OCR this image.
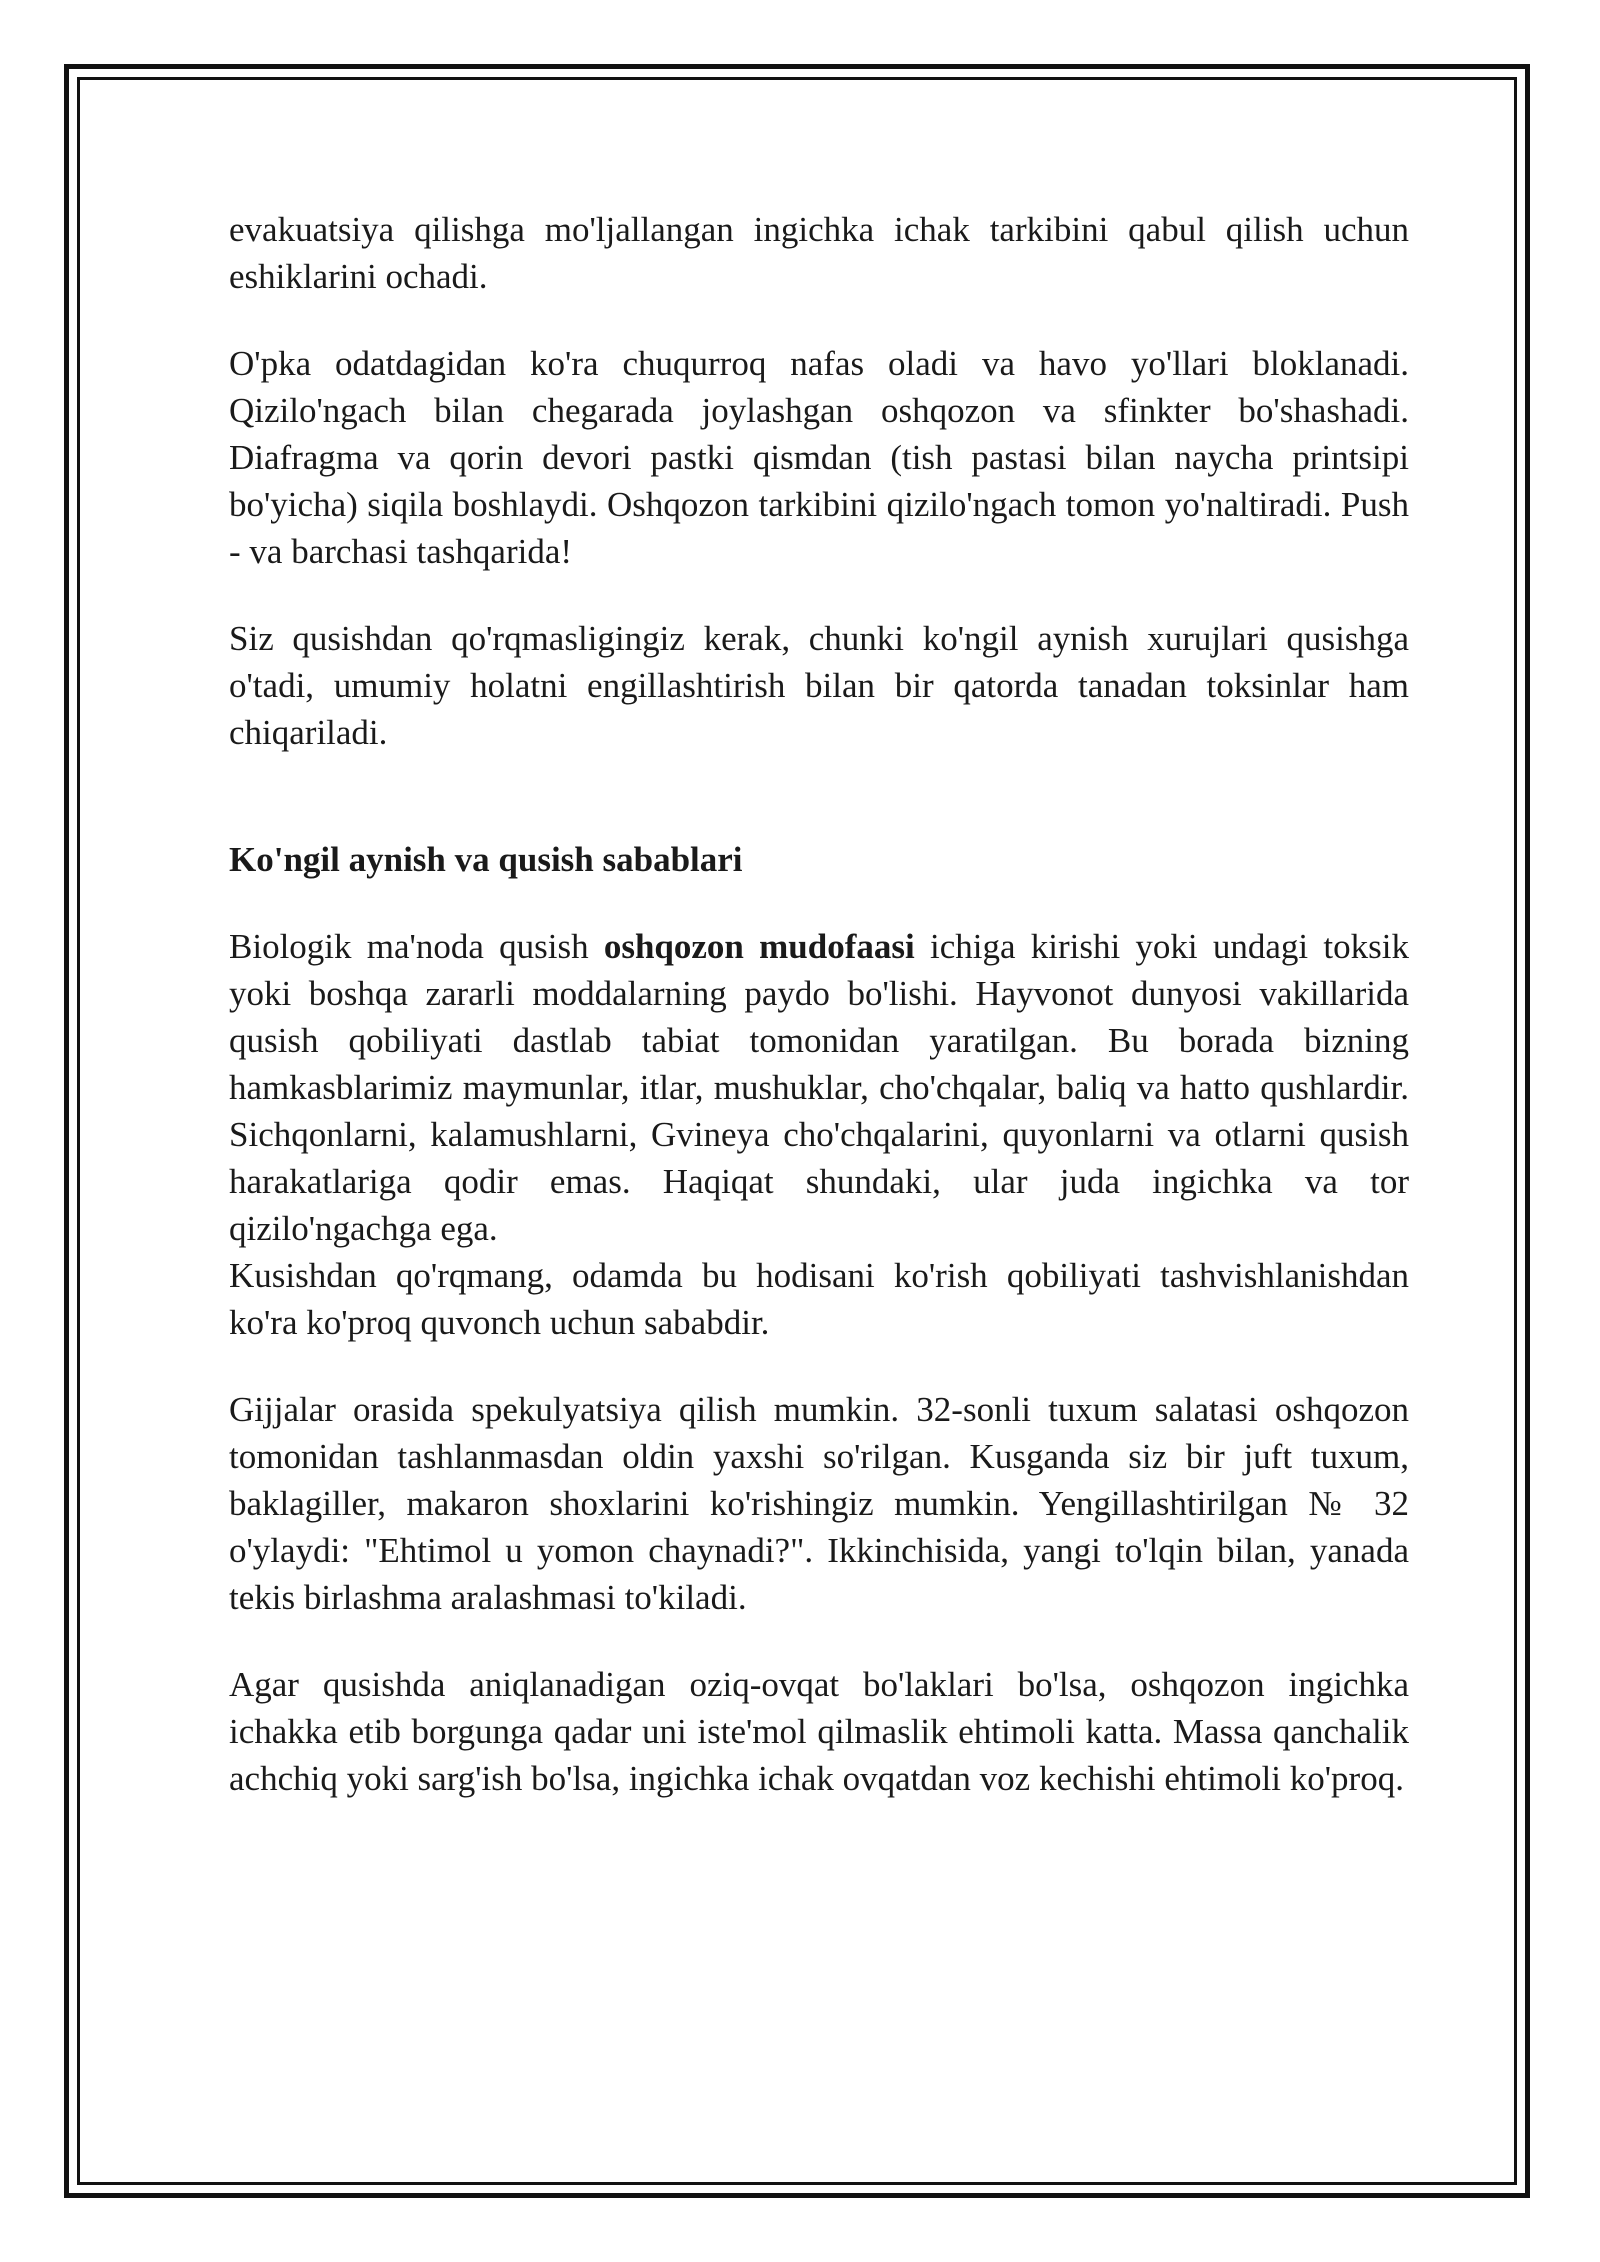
evakuatsiya qilishga mo'ljallangan ingichka ichak tarkibini qabul qilish uchun eshiklarini ochadi.

O'pka odatdagidan ko'ra chuqurroq nafas oladi va havo yo'llari bloklanadi. Qizilo'ngach bilan chegarada joylashgan oshqozon va sfinkter bo'shashadi. Diafragma va qorin devori pastki qismdan (tish pastasi bilan naycha printsipi bo'yicha) siqila boshlaydi. Oshqozon tarkibini qizilo'ngach tomon yo'naltiradi. Push - va barchasi tashqarida!

Siz qusishdan qo'rqmasligingiz kerak, chunki ko'ngil aynish xurujlari qusishga o'tadi, umumiy holatni engillashtirish bilan bir qatorda tanadan toksinlar ham chiqariladi.

Ko'ngil aynish va qusish sabablari

Biologik ma'noda qusish oshqozon mudofaasi ichiga kirishi yoki undagi toksik yoki boshqa zararli moddalarning paydo bo'lishi. Hayvonot dunyosi vakillarida qusish qobiliyati dastlab tabiat tomonidan yaratilgan. Bu borada bizning hamkasblarimiz maymunlar, itlar, mushuklar, cho'chqalar, baliq va hatto qushlardir. Sichqonlarni, kalamushlarni, Gvineya cho'chqalarini, quyonlarni va otlarni qusish harakatlariga qodir emas. Haqiqat shundaki, ular juda ingichka va tor qizilo'ngachga ega.

Kusishdan qo'rqmang, odamda bu hodisani ko'rish qobiliyati tashvishlanishdan ko'ra ko'proq quvonch uchun sababdir.

Gijjalar orasida spekulyatsiya qilish mumkin. 32-sonli tuxum salatasi oshqozon tomonidan tashlanmasdan oldin yaxshi so'rilgan. Kusganda siz bir juft tuxum, baklagiller, makaron shoxlarini ko'rishingiz mumkin. Yengillashtirilgan № 32 o'ylaydi: "Ehtimol u yomon chaynadi?". Ikkinchisida, yangi to'lqin bilan, yanada tekis birlashma aralashmasi to'kiladi.

Agar qusishda aniqlanadigan oziq-ovqat bo'laklari bo'lsa, oshqozon ingichka ichakka etib borgunga qadar uni iste'mol qilmaslik ehtimoli katta. Massa qanchalik achchiq yoki sarg'ish bo'lsa, ingichka ichak ovqatdan voz kechishi ehtimoli ko'proq.
